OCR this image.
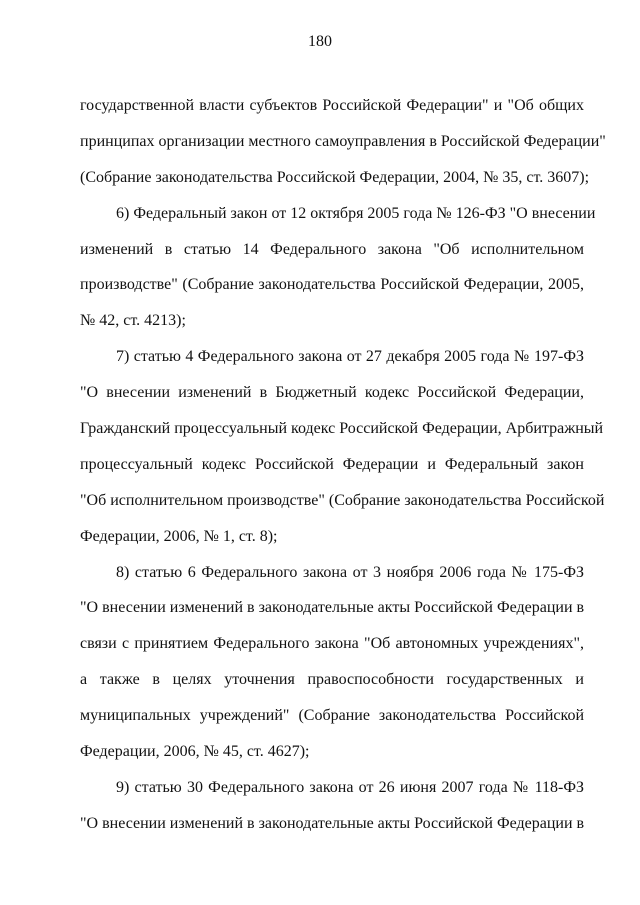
180
государственной власти субъектов Российской Федерации" и "Об общих
принципах организации местного самоуправления в Российской Федерации"
(Собрание законодательства Российской Федерации, 2004, № 35, ст. 3607);
6) Федеральный закон от 12 октября 2005 года № 126-ФЗ "О внесении
изменений в статью 14 Федерального закона "Об исполнительном
производстве" (Собрание законодательства Российской Федерации, 2005,
№ 42, ст. 4213);
7) статью 4 Федерального закона от 27 декабря 2005 года № 197-ФЗ
"О внесении изменений в Бюджетный кодекс Российской Федерации,
Гражданский процессуальный кодекс Российской Федерации, Арбитражный
процессуальный кодекс Российской Федерации и Федеральный закон
"Об исполнительном производстве" (Собрание законодательства Российской
Федерации, 2006, № 1, ст. 8);
8) статью 6 Федерального закона от 3 ноября 2006 года № 175-ФЗ
"О внесении изменений в законодательные акты Российской Федерации в
связи с принятием Федерального закона "Об автономных учреждениях",
а также в целях уточнения правоспособности государственных и
муниципальных учреждений" (Собрание законодательства Российской
Федерации, 2006, № 45, ст. 4627);
9) статью 30 Федерального закона от 26 июня 2007 года № 118-ФЗ
"О внесении изменений в законодательные акты Российской Федерации в
